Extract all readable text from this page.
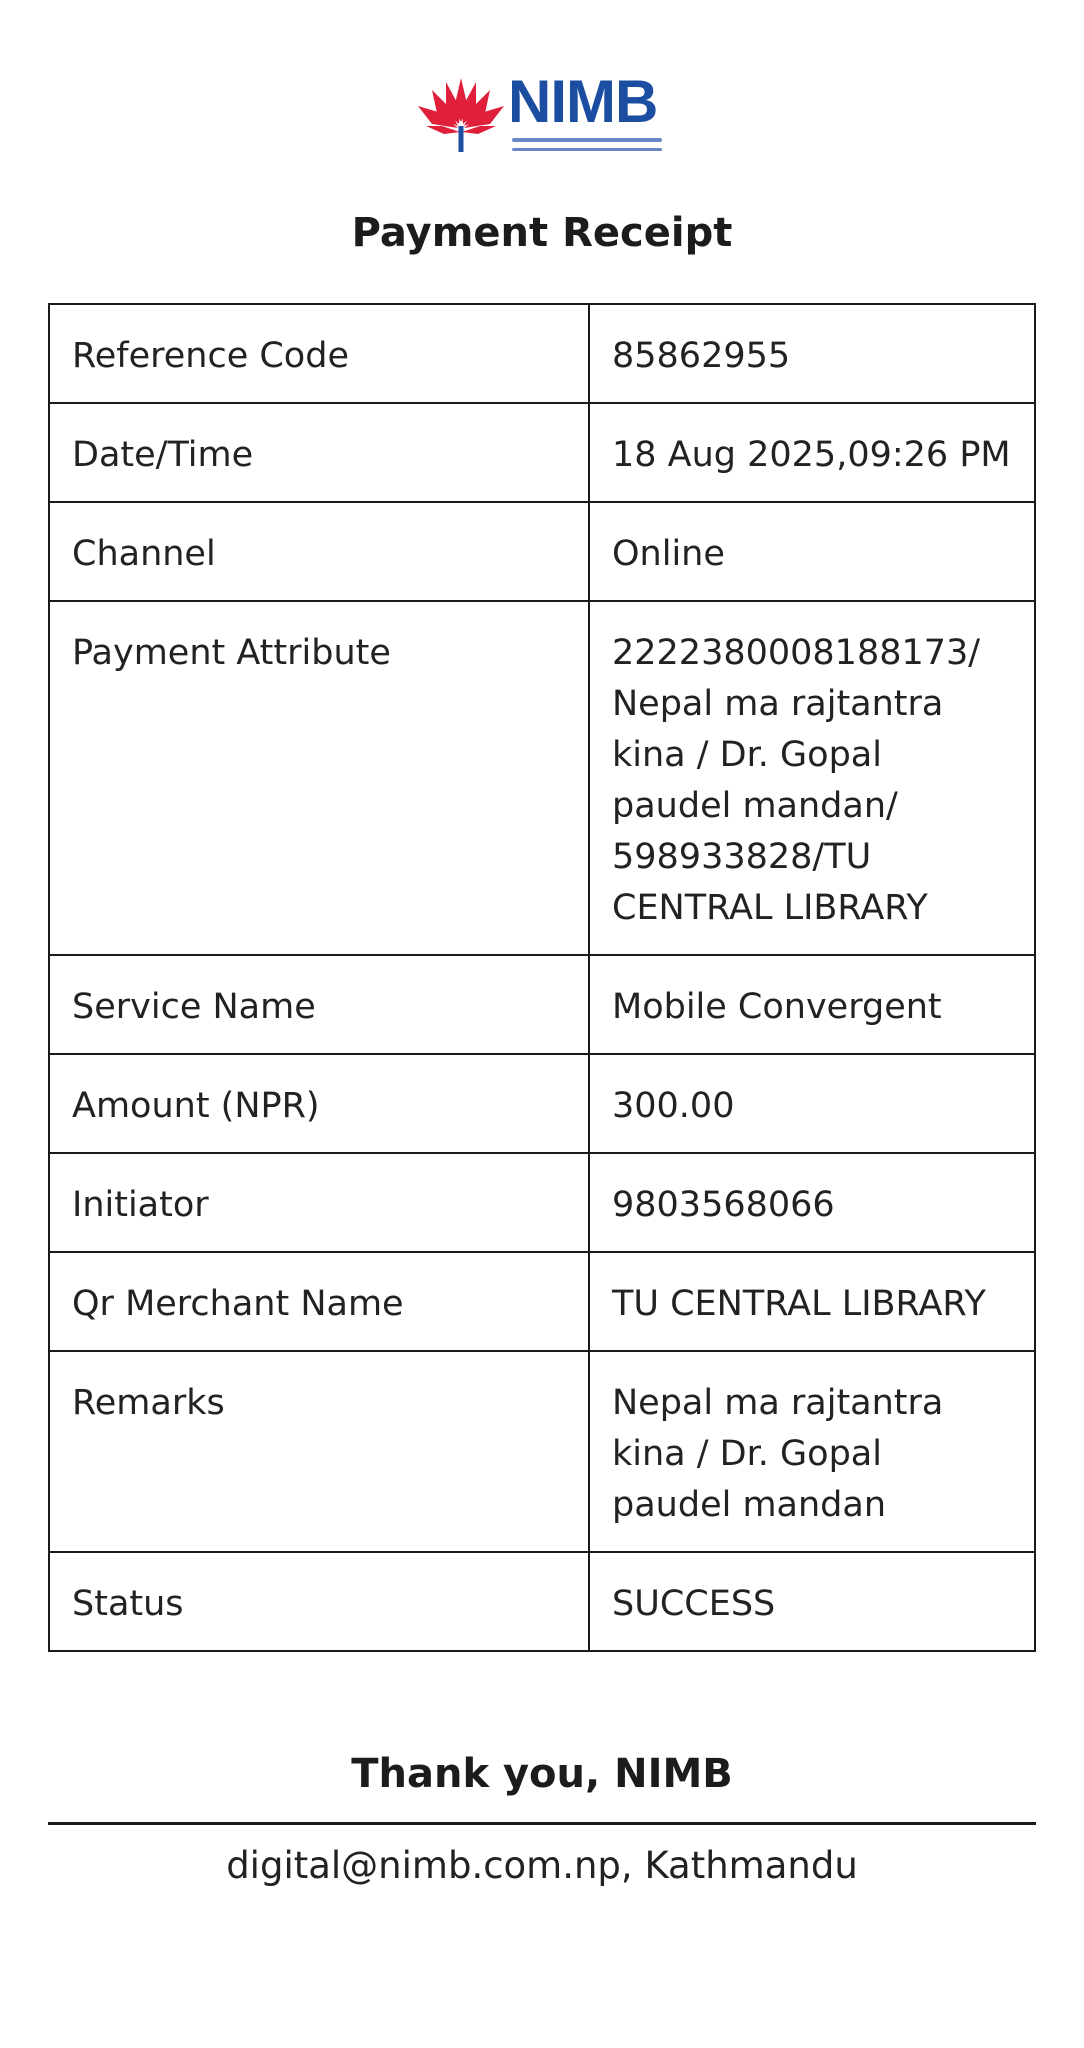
NIMB
Payment Receipt
Reference Code	85862955
Date/Time	18 Aug 2025,09:26 PM
Channel	Online
Payment Attribute	2222380008188173/ Nepal ma rajtantra kina / Dr. Gopal paudel mandan/ 598933828/TU CENTRAL LIBRARY
Service Name	Mobile Convergent
Amount (NPR)	300.00
Initiator	9803568066
Qr Merchant Name	TU CENTRAL LIBRARY
Remarks	Nepal ma rajtantra kina / Dr. Gopal paudel mandan
Status	SUCCESS
Thank you, NIMB
digital@nimb.com.np, Kathmandu
